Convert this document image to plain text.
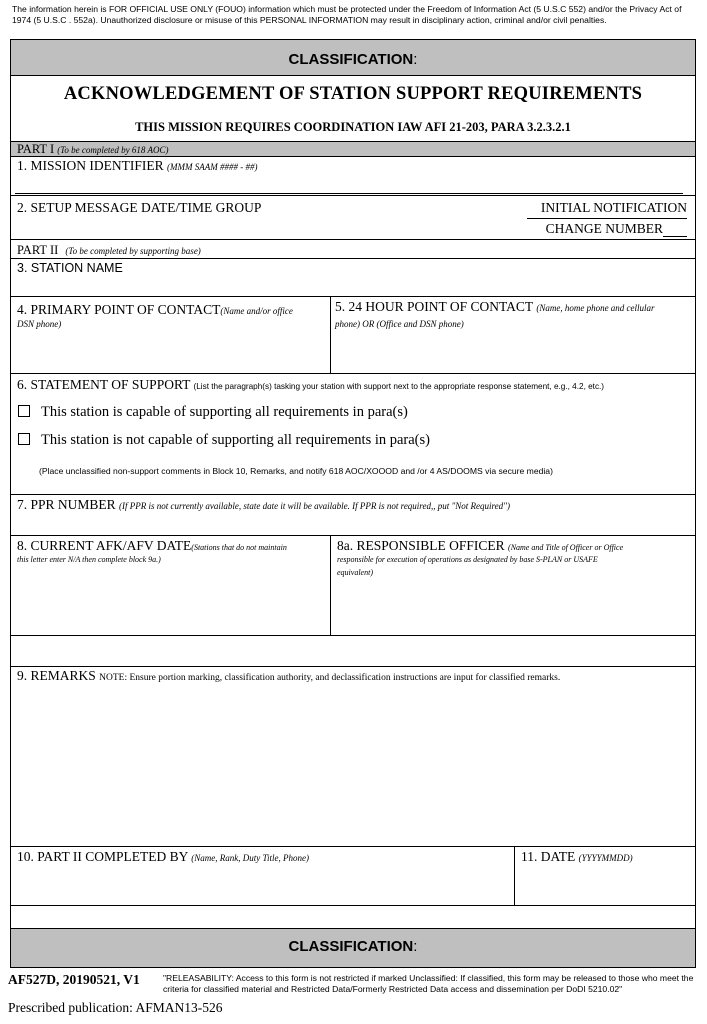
The information herein is FOR OFFICIAL USE ONLY (FOUO) information which must be protected under the Freedom of Information Act (5 U.S.C 552) and/or the Privacy Act of 1974 (5 U.S.C . 552a). Unauthorized disclosure or misuse of this PERSONAL INFORMATION may result in disciplinary action, criminal and/or civil penalties.
CLASSIFICATION:
ACKNOWLEDGEMENT OF STATION SUPPORT REQUIREMENTS
THIS MISSION REQUIRES COORDINATION IAW AFI 21-203, PARA 3.2.3.2.1
PART I (To be completed by 618 AOC)
1. MISSION IDENTIFIER (MMM SAAM #### - ##)
2. SETUP MESSAGE DATE/TIME GROUP	INITIAL NOTIFICATION
CHANGE NUMBER
PART II (To be completed by supporting base)
3. STATION NAME
4. PRIMARY POINT OF CONTACT(Name and/or office
DSN phone)
5. 24 HOUR POINT OF CONTACT (Name, home phone and cellular
phone) OR (Office and DSN phone)
6. STATEMENT OF SUPPORT (List the paragraph(s) tasking your station with support next to the appropriate response statement, e.g., 4.2, etc.)
This station is capable of supporting all requirements in para(s)
This station is not capable of supporting all requirements in para(s)
(Place unclassified non-support comments in Block 10, Remarks, and notify 618 AOC/XOOOD and /or 4 AS/DOOMS via secure media)
7. PPR NUMBER (If PPR is not currently available, state date it will be available. If PPR is not required,, put "Not Required")
8. CURRENT AFK/AFV DATE(Stations that do not maintain
this letter enter N/A then complete block 9a.)
8a. RESPONSIBLE OFFICER (Name and Title of Officer or Office
responsible for execution of operations as designated by base S-PLAN or USAFE
equivalent)
9. REMARKS NOTE: Ensure portion marking, classification authority, and declassification instructions are input for classified remarks.
10. PART II COMPLETED BY (Name, Rank, Duty Title, Phone)	11. DATE (YYYYMMDD)
CLASSIFICATION:
AF527D, 20190521, V1	"RELEASABILITY: Access to this form is not restricted if marked Unclassified: If classified, this form may be released to those who meet the criteria for classified material and Restricted Data/Formerly Restricted Data access and dissemination per DoDI 5210.02"
Prescribed publication: AFMAN13-526
